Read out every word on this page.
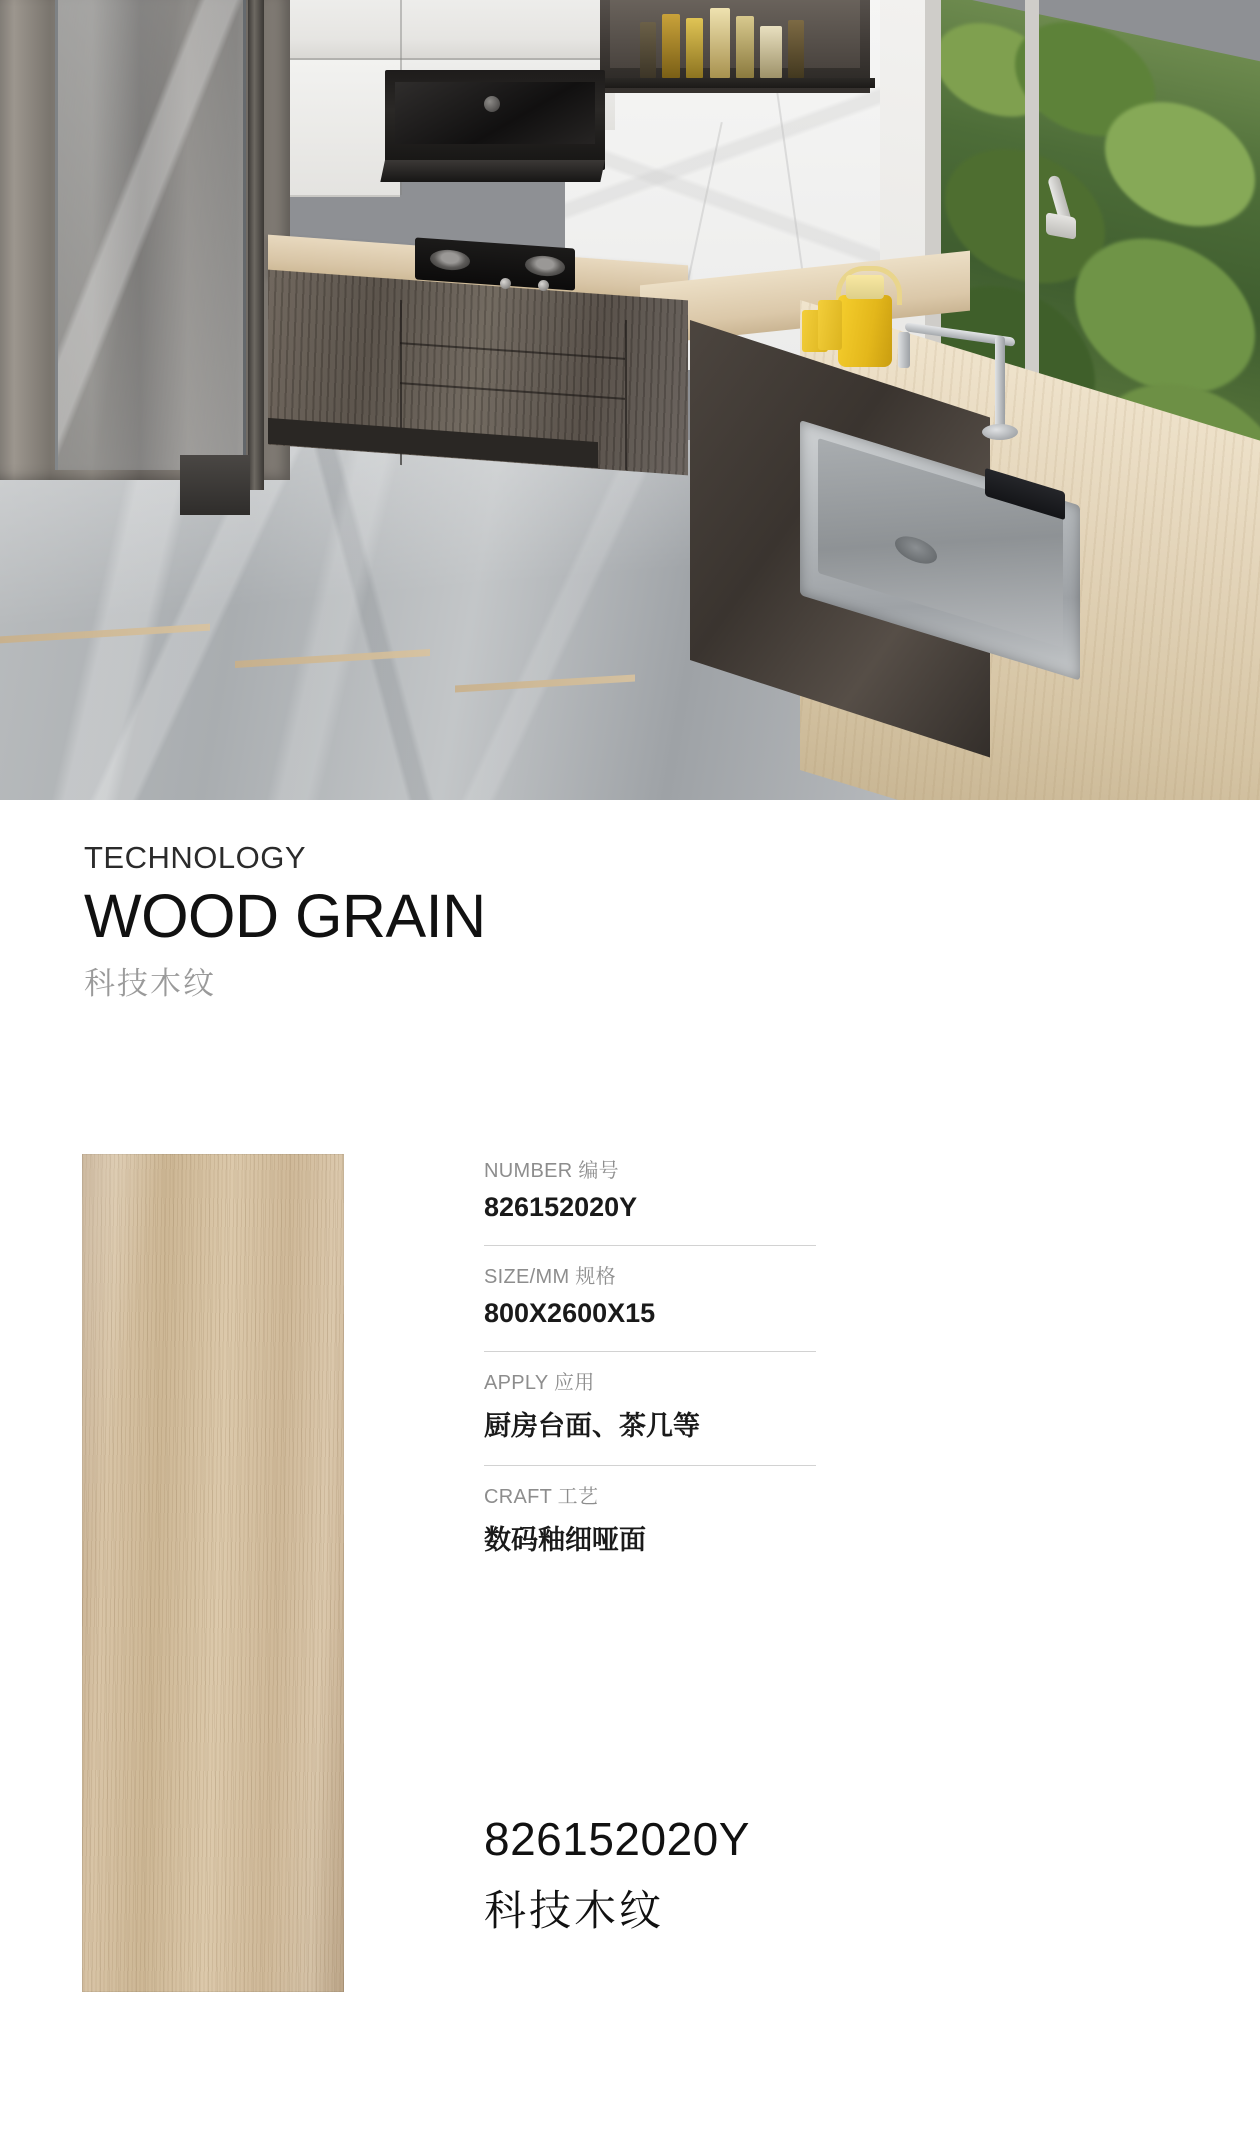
TECHNOLOGY
WOOD GRAIN
科技木纹
NUMBER 编号
826152020Y
SIZE/MM 规格
800X2600X15
APPLY 应用
厨房台面、茶几等
CRAFT 工艺
数码釉细哑面
826152020Y
科技木纹
